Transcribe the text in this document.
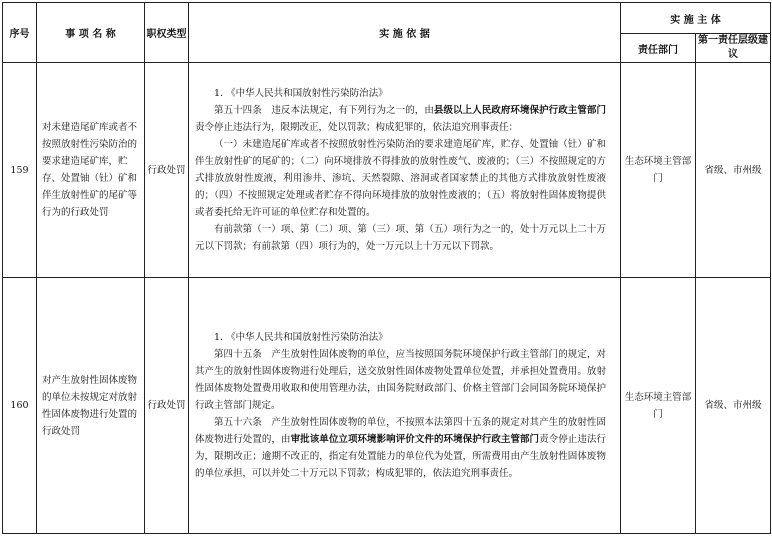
序号	事 项 名 称	职权类型	实 施 依 据	实 施 主 体	
				责任部门	第一责任层级建议
159	对未建造尾矿库或者不按照放射性污染防治的要求建造尾矿库，贮存、处置铀（钍）矿和伴生放射性矿的尾矿等行为的行政处罚	行政处罚	1. 《中华人民共和国放射性污染防治法》

第五十四条　违反本法规定，有下列行为之一的，由县级以上人民政府环境保护行政主管部门责令停止违法行为，限期改正，处以罚款；构成犯罪的，依法追究刑事责任：

（一）未建造尾矿库或者不按照放射性污染防治的要求建造尾矿库，贮存、处置铀（钍）矿和伴生放射性矿的尾矿的；（二）向环境排放不得排放的放射性废气、废液的；（三）不按照规定的方式排放放射性废液，利用渗井、渗坑、天然裂隙、溶洞或者国家禁止的其他方式排放放射性废液的；（四）不按照规定处理或者贮存不得向环境排放的放射性废液的；（五）将放射性固体废物提供或者委托给无许可证的单位贮存和处置的。

有前款第（一）项、第（二）项、第（三）项、第（五）项行为之一的，处十万元以上二十万元以下罚款；有前款第（四）项行为的，处一万元以上十万元以下罚款。	生态环境主管部门	省级、市州级
160	对产生放射性固体废物的单位未按规定对放射性固体废物进行处置的行政处罚	行政处罚	1. 《中华人民共和国放射性污染防治法》

第四十五条　产生放射性固体废物的单位，应当按照国务院环境保护行政主管部门的规定，对其产生的放射性固体废物进行处理后，送交放射性固体废物处置单位处置，并承担处置费用。放射性固体废物处置费用收取和使用管理办法，由国务院财政部门、价格主管部门会同国务院环境保护行政主管部门规定。

第五十六条　产生放射性固体废物的单位，不按照本法第四十五条的规定对其产生的放射性固体废物进行处置的，由审批该单位立项环境影响评价文件的环境保护行政主管部门责令停止违法行为，限期改正；逾期不改正的，指定有处置能力的单位代为处置，所需费用由产生放射性固体废物的单位承担，可以并处二十万元以下罚款；构成犯罪的，依法追究刑事责任。	生态环境主管部门	省级、市州级
